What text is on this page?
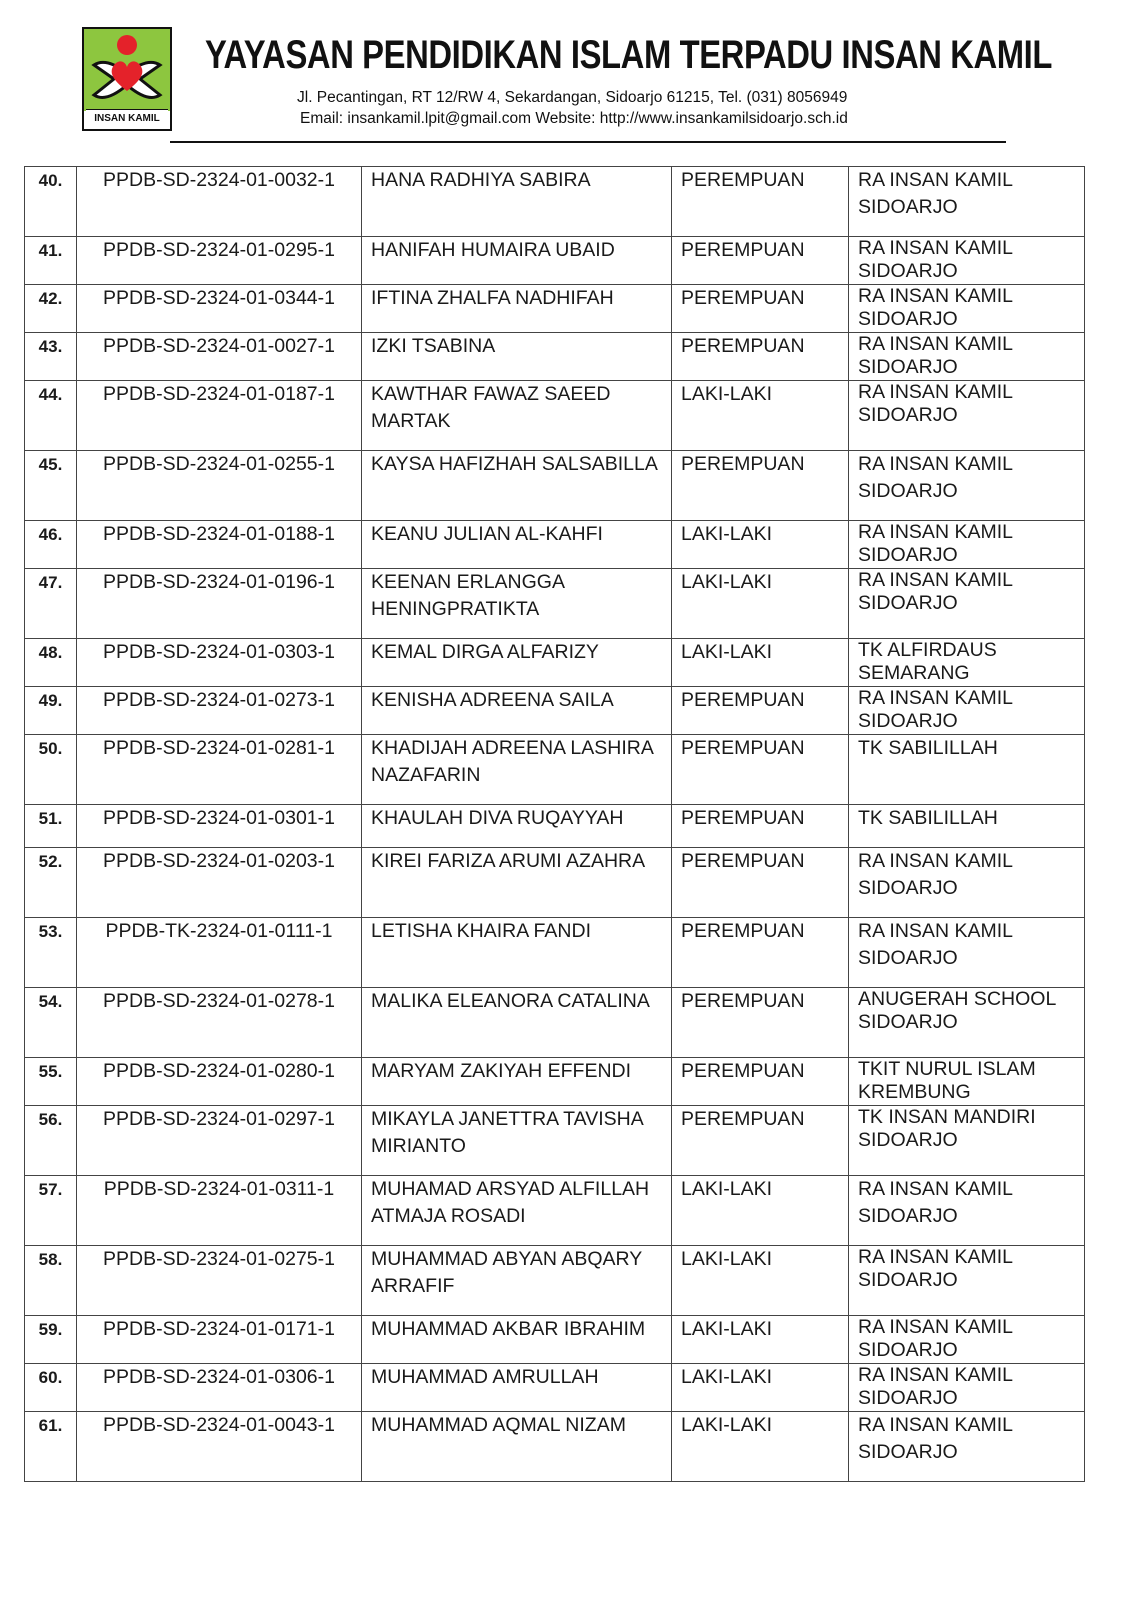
INSAN KAMIL
YAYASAN PENDIDIKAN ISLAM TERPADU INSAN KAMIL
Jl. Pecantingan, RT 12/RW 4, Sekardangan, Sidoarjo 61215, Tel. (031) 8056949
Email: insankamil.lpit@gmail.com Website: http://www.insankamilsidoarjo.sch.id
40.	PPDB-SD-2324-01-0032-1	HANA RADHIYA SABIRA	PEREMPUAN	RA INSAN KAMIL SIDOARJO
41.	PPDB-SD-2324-01-0295-1	HANIFAH HUMAIRA UBAID	PEREMPUAN	RA INSAN KAMIL SIDOARJO
42.	PPDB-SD-2324-01-0344-1	IFTINA ZHALFA NADHIFAH	PEREMPUAN	RA INSAN KAMIL SIDOARJO
43.	PPDB-SD-2324-01-0027-1	IZKI TSABINA	PEREMPUAN	RA INSAN KAMIL SIDOARJO
44.	PPDB-SD-2324-01-0187-1	KAWTHAR FAWAZ SAEED MARTAK	LAKI-LAKI	RA INSAN KAMIL SIDOARJO
45.	PPDB-SD-2324-01-0255-1	KAYSA HAFIZHAH SALSABILLA	PEREMPUAN	RA INSAN KAMIL SIDOARJO
46.	PPDB-SD-2324-01-0188-1	KEANU JULIAN AL-KAHFI	LAKI-LAKI	RA INSAN KAMIL SIDOARJO
47.	PPDB-SD-2324-01-0196-1	KEENAN ERLANGGA HENINGPRATIKTA	LAKI-LAKI	RA INSAN KAMIL SIDOARJO
48.	PPDB-SD-2324-01-0303-1	KEMAL DIRGA ALFARIZY	LAKI-LAKI	TK ALFIRDAUS SEMARANG
49.	PPDB-SD-2324-01-0273-1	KENISHA ADREENA SAILA	PEREMPUAN	RA INSAN KAMIL SIDOARJO
50.	PPDB-SD-2324-01-0281-1	KHADIJAH ADREENA LASHIRA NAZAFARIN	PEREMPUAN	TK SABILILLAH
51.	PPDB-SD-2324-01-0301-1	KHAULAH DIVA RUQAYYAH	PEREMPUAN	TK SABILILLAH
52.	PPDB-SD-2324-01-0203-1	KIREI FARIZA ARUMI AZAHRA	PEREMPUAN	RA INSAN KAMIL SIDOARJO
53.	PPDB-TK-2324-01-0111-1	LETISHA KHAIRA FANDI	PEREMPUAN	RA INSAN KAMIL SIDOARJO
54.	PPDB-SD-2324-01-0278-1	MALIKA ELEANORA CATALINA	PEREMPUAN	ANUGERAH SCHOOL SIDOARJO
55.	PPDB-SD-2324-01-0280-1	MARYAM ZAKIYAH EFFENDI	PEREMPUAN	TKIT NURUL ISLAM KREMBUNG
56.	PPDB-SD-2324-01-0297-1	MIKAYLA JANETTRA TAVISHA MIRIANTO	PEREMPUAN	TK INSAN MANDIRI SIDOARJO
57.	PPDB-SD-2324-01-0311-1	MUHAMAD ARSYAD ALFILLAH ATMAJA ROSADI	LAKI-LAKI	RA INSAN KAMIL SIDOARJO
58.	PPDB-SD-2324-01-0275-1	MUHAMMAD ABYAN ABQARY ARRAFIF	LAKI-LAKI	RA INSAN KAMIL SIDOARJO
59.	PPDB-SD-2324-01-0171-1	MUHAMMAD AKBAR IBRAHIM	LAKI-LAKI	RA INSAN KAMIL SIDOARJO
60.	PPDB-SD-2324-01-0306-1	MUHAMMAD AMRULLAH	LAKI-LAKI	RA INSAN KAMIL SIDOARJO
61.	PPDB-SD-2324-01-0043-1	MUHAMMAD AQMAL NIZAM	LAKI-LAKI	RA INSAN KAMIL SIDOARJO
